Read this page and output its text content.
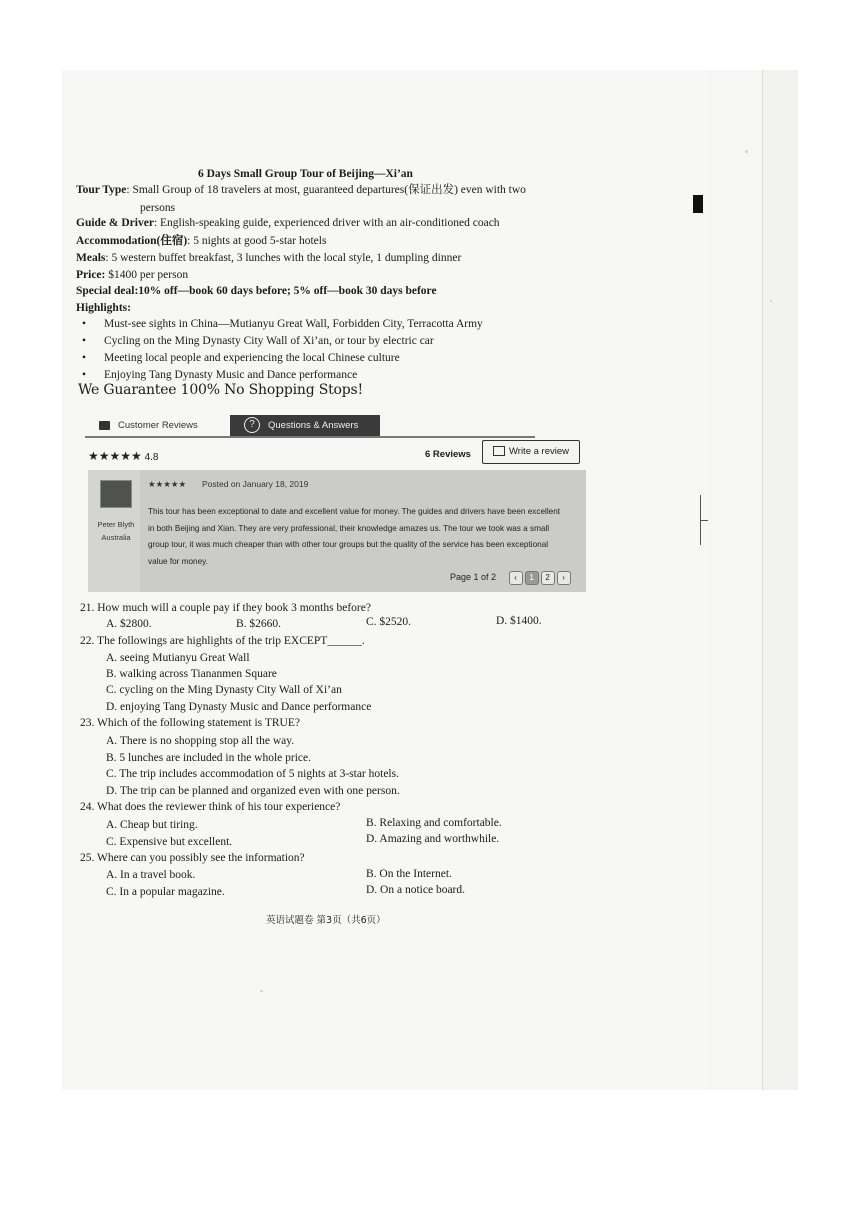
6 Days Small Group Tour of Beijing—Xi’an
Tour Type: Small Group of 18 travelers at most, guaranteed departures(保证出发) even with two
persons
Guide & Driver: English-speaking guide, experienced driver with an air-conditioned coach
Accommodation(住宿): 5 nights at good 5-star hotels
Meals: 5 western buffet breakfast, 3 lunches with the local style, 1 dumpling dinner
Price: $1400 per person
Special deal:10% off—book 60 days before; 5% off—book 30 days before
Highlights:
• Must-see sights in China—Mutianyu Great Wall, Forbidden City, Terracotta Army
• Cycling on the Ming Dynasty City Wall of Xi’an, or tour by electric car
• Meeting local people and experiencing the local Chinese culture
• Enjoying Tang Dynasty Music and Dance performance
We Guarantee 100% No Shopping Stops!
Customer Reviews	? Questions & Answers
★★★★★ 4.8	6 Reviews	Write a review
Peter Blyth
Australia
★★★★★ Posted on January 18, 2019
This tour has been exceptional to date and excellent value for money. The guides and drivers have been excellent in both Beijing and Xian. They are very professional, their knowledge amazes us. The tour we took was a small group tour, it was much cheaper than with other tour groups but the quality of the service has been exceptional value for money.
Page 1 of 2 ‹ 1 2 ›
21. How much will a couple pay if they book 3 months before?
A. $2800.	B. $2660.	C. $2520.	D. $1400.
22. The followings are highlights of the trip EXCEPT______.
A. seeing Mutianyu Great Wall
B. walking across Tiananmen Square
C. cycling on the Ming Dynasty City Wall of Xi’an
D. enjoying Tang Dynasty Music and Dance performance
23. Which of the following statement is TRUE?
A. There is no shopping stop all the way.
B. 5 lunches are included in the whole price.
C. The trip includes accommodation of 5 nights at 3-star hotels.
D. The trip can be planned and organized even with one person.
24. What does the reviewer think of his tour experience?
A. Cheap but tiring.	B. Relaxing and comfortable.
C. Expensive but excellent.	D. Amazing and worthwhile.
25. Where can you possibly see the information?
A. In a travel book.	B. On the Internet.
C. In a popular magazine.	D. On a notice board.
英语试题卷 第3页（共6页）
